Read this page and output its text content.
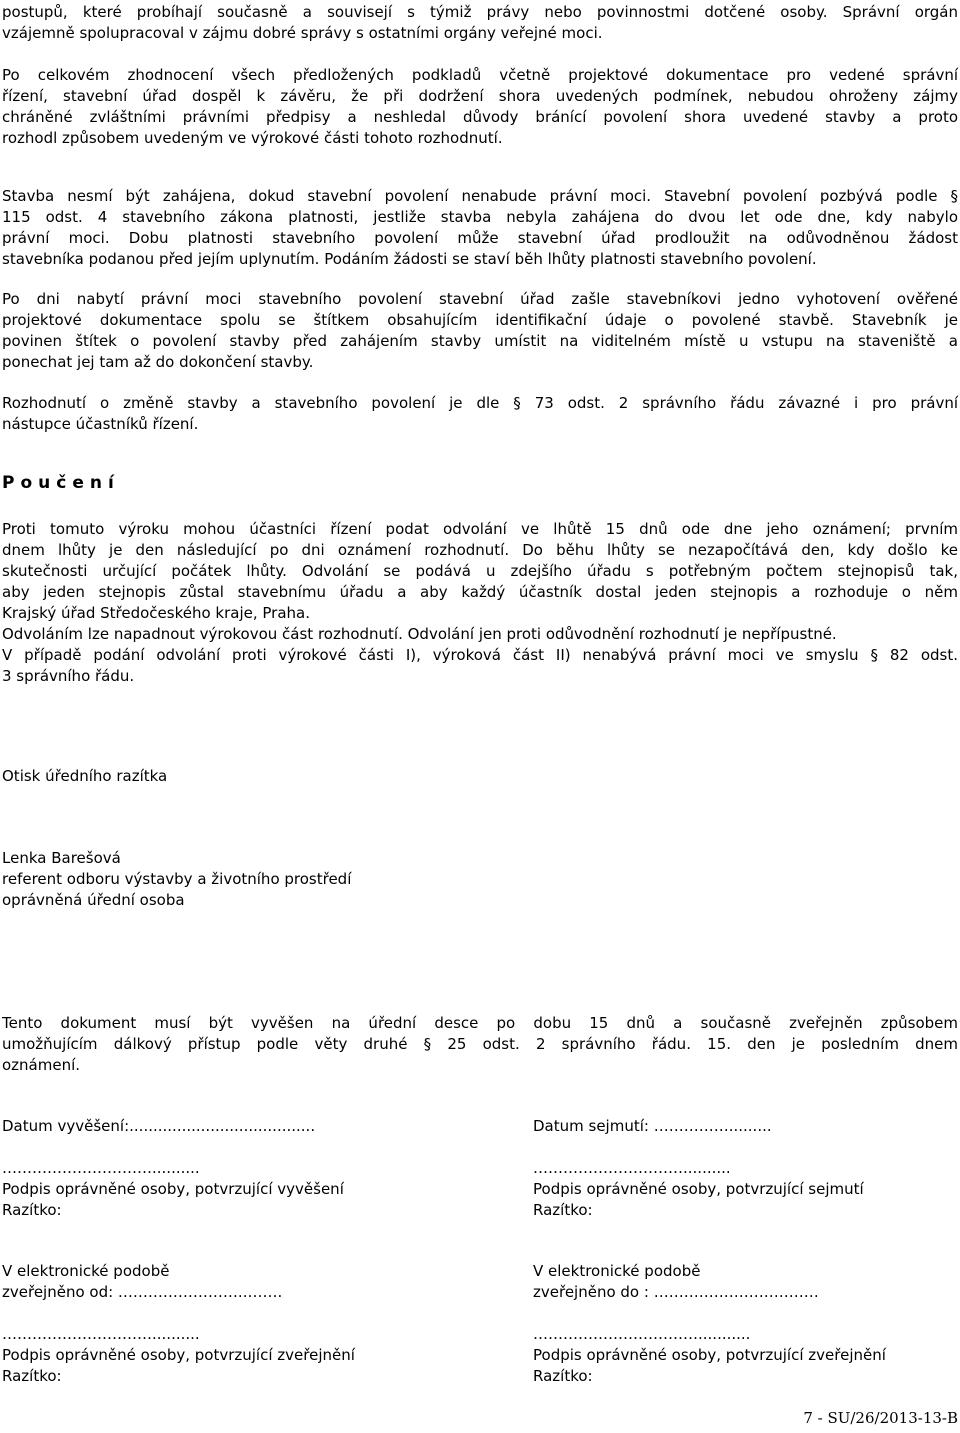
postupů, které probíhají současně a souvisejí s týmiž právy nebo povinnostmi dotčené osoby. Správní orgán
vzájemně spolupracoval v zájmu dobré správy s ostatními orgány veřejné moci.
Po celkovém zhodnocení všech předložených podkladů včetně projektové dokumentace pro vedené správní
řízení, stavební úřad dospěl k závěru, že při dodržení shora uvedených podmínek, nebudou ohroženy zájmy
chráněné zvláštními právními předpisy a neshledal důvody bránící povolení shora uvedené stavby a proto
rozhodl způsobem uvedeným ve výrokové části tohoto rozhodnutí.
Stavba nesmí být zahájena, dokud stavební povolení nenabude právní moci. Stavební povolení pozbývá podle §
115 odst. 4 stavebního zákona platnosti, jestliže stavba nebyla zahájena do dvou let ode dne, kdy nabylo
právní moci. Dobu platnosti stavebního povolení může stavební úřad prodloužit na odůvodněnou žádost
stavebníka podanou před jejím uplynutím. Podáním žádosti se staví běh lhůty platnosti stavebního povolení.
Po dni nabytí právní moci stavebního povolení stavební úřad zašle stavebníkovi jedno vyhotovení ověřené
projektové dokumentace spolu se štítkem obsahujícím identifikační údaje o povolené stavbě. Stavebník je
povinen štítek o povolení stavby před zahájením stavby umístit na viditelném místě u vstupu na staveniště a
ponechat jej tam až do dokončení stavby.
Rozhodnutí o změně stavby a stavebního povolení je dle § 73 odst. 2 správního řádu závazné i pro právní
nástupce účastníků řízení.
Poučení
Proti tomuto výroku mohou účastníci řízení podat odvolání ve lhůtě 15 dnů ode dne jeho oznámení; prvním
dnem lhůty je den následující po dni oznámení rozhodnutí. Do běhu lhůty se nezapočítává den, kdy došlo ke
skutečnosti určující počátek lhůty. Odvolání se podává u zdejšího úřadu s potřebným počtem stejnopisů tak,
aby jeden stejnopis zůstal stavebnímu úřadu a aby každý účastník dostal jeden stejnopis a rozhoduje o něm
Krajský úřad Středočeského kraje, Praha.
Odvoláním lze napadnout výrokovou část rozhodnutí. Odvolání jen proti odůvodnění rozhodnutí je nepřípustné.
V případě podání odvolání proti výrokové části I), výroková část II) nenabývá právní moci ve smyslu § 82 odst.
3 správního řádu.
Otisk úředního razítka
Lenka Barešová
referent odboru výstavby a životního prostředí
oprávněná úřední osoba
Tento dokument musí být vyvěšen na úřední desce po dobu 15 dnů a současně zveřejněn způsobem
umožňujícím dálkový přístup podle věty druhé § 25 odst. 2 správního řádu. 15. den je posledním dnem
oznámení.
Datum vyvěšení:.......................................
…………………………..........
Podpis oprávněné osoby, potvrzující vyvěšení
Razítko:
V elektronické podobě
zveřejněno od: ……………………..…….
…………………………..........
Podpis oprávněné osoby, potvrzující zveřejnění
Razítko:
Datum sejmutí: …………….........
…………………………..........
Podpis oprávněné osoby, potvrzující sejmutí
Razítko:
V elektronické podobě
zveřejněno do : ……………………………
……………………………...........
Podpis oprávněné osoby, potvrzující zveřejnění
Razítko:
7 - SU/26/2013-13-B
